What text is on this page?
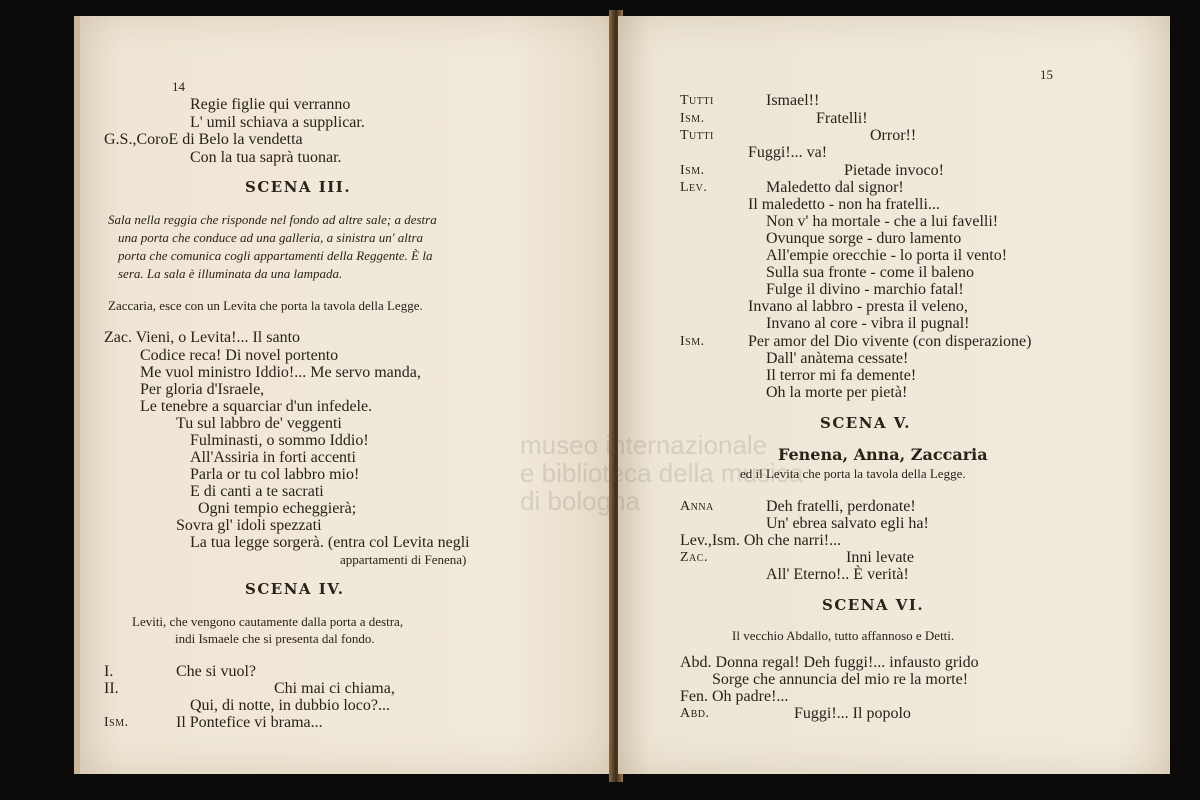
museo internazionale
e biblioteca della musica
di bologna
14
15
Regie figlie qui verranno
L' umil schiava a supplicar.
G.S.,CoroE di Belo la vendetta
Con la tua saprà tuonar.
SCENA III.
Sala nella reggia che risponde nel fondo ad altre sale; a destra
una porta che conduce ad una galleria, a sinistra un' altra
porta che comunica cogli appartamenti della Reggente. È la
sera. La sala è illuminata da una lampada.
Zaccaria, esce con un Levita che porta la tavola della Legge.
Zac. Vieni, o Levita!... Il santo
Codice reca! Di novel portento
Me vuol ministro Iddio!... Me servo manda,
Per gloria d'Israele,
Le tenebre a squarciar d'un infedele.
Tu sul labbro de' veggenti
Fulminasti, o sommo Iddio!
All'Assiria in forti accenti
Parla or tu col labbro mio!
E di canti a te sacrati
Ogni tempio echeggierà;
Sovra gl' idoli spezzati
La tua legge sorgerà. (entra col Levita negli
appartamenti di Fenena)
SCENA IV.
Leviti, che vengono cautamente dalla porta a destra,
indi Ismaele che si presenta dal fondo.
I.	Che si vuol?
II.	Chi mai ci chiama,
Qui, di notte, in dubbio loco?...
Ism.	Il Pontefice vi brama...
Tutti	Ismael!!
Ism.	Fratelli!
Tutti	Orror!!
Fuggi!... va!
Ism.	Pietade invoco!
Lev.	Maledetto dal signor!
Il maledetto - non ha fratelli...
Non v' ha mortale - che a lui favelli!
Ovunque sorge - duro lamento
All'empie orecchie - lo porta il vento!
Sulla sua fronte - come il baleno
Fulge il divino - marchio fatal!
Invano al labbro - presta il veleno,
Invano al core - vibra il pugnal!
Ism.	Per amor del Dio vivente (con disperazione)
Dall' anàtema cessate!
Il terror mi fa demente!
Oh la morte per pietà!
SCENA V.
Fenena, Anna, Zaccaria
ed il Levita che porta la tavola della Legge.
Anna	Deh fratelli, perdonate!
Un' ebrea salvato egli ha!
Lev.,Ism. Oh che narri!...
Zac.	Inni levate
All' Eterno!.. È verità!
SCENA VI.
Il vecchio Abdallo, tutto affannoso e Detti.
Abd. Donna regal! Deh fuggi!... infausto grido
Sorge che annuncia del mio re la morte!
Fen. Oh padre!...
Abd.	Fuggi!... Il popolo
